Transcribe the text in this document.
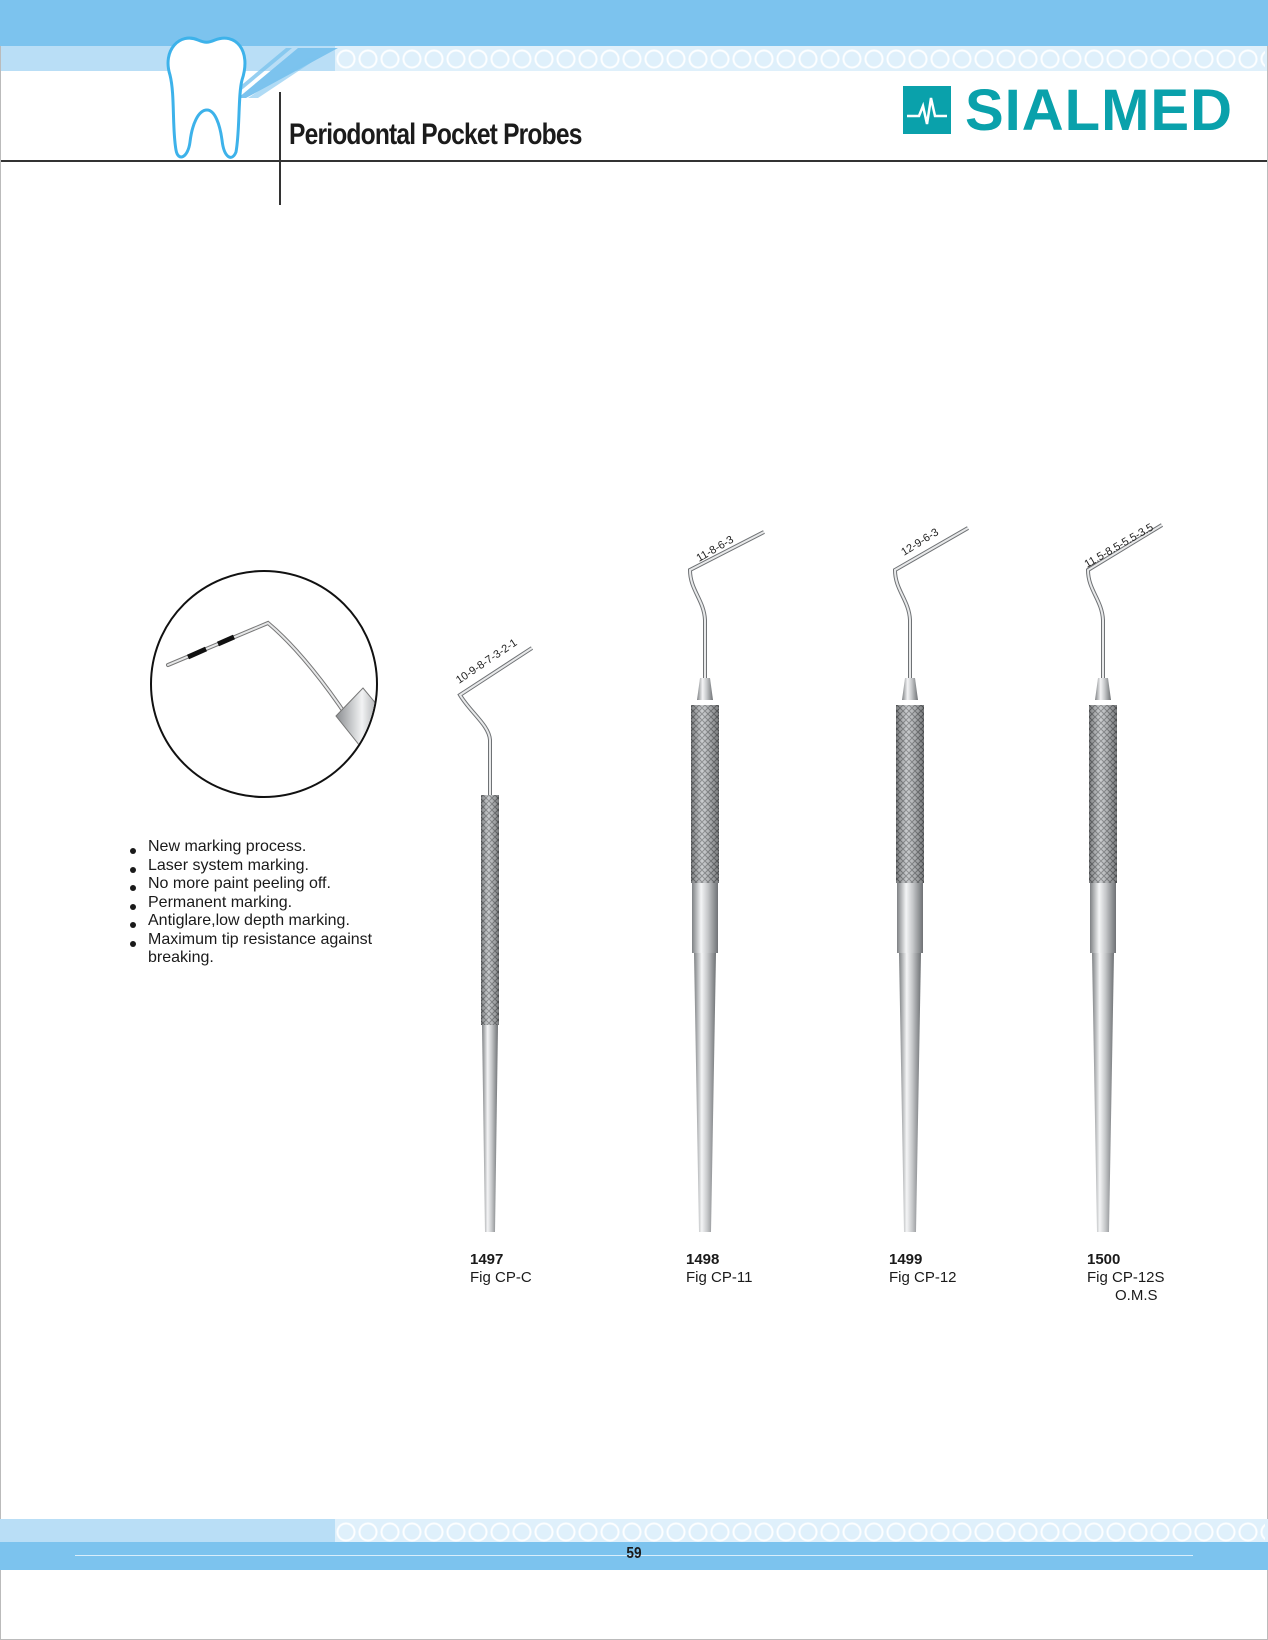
Periodontal Pocket Probes	SIALMED
New marking process.
Laser system marking.
No more paint peeling off.
Permanent marking.
Antiglare,low depth marking.
Maximum tip resistance against breaking.
10-9-8-7-3-2-1
11-8-6-3	12-9-6-3	11.5-8.5-5.5-3.5
1497
Fig CP-C
1498
Fig CP-11
1499
Fig CP-12
1500
Fig CP-12S
O.M.S
59
